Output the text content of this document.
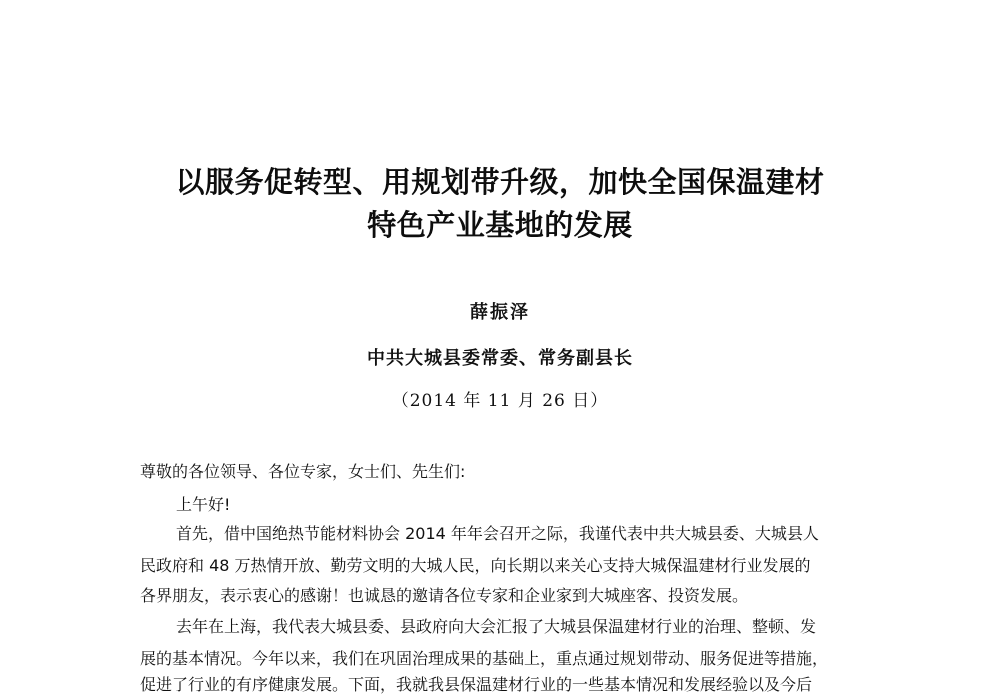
以服务促转型、用规划带升级，加快全国保温建材
特色产业基地的发展
薛振泽
中共大城县委常委、常务副县长
（2014 年 11 月 26 日）
尊敬的各位领导、各位专家，女士们、先生们:
上午好!
首先，借中国绝热节能材料协会 2014 年年会召开之际，我谨代表中共大城县委、大城县人
民政府和 48 万热情开放、勤劳文明的大城人民，向长期以来关心支持大城保温建材行业发展的
各界朋友，表示衷心的感谢！也诚恳的邀请各位专家和企业家到大城座客、投资发展。
去年在上海，我代表大城县委、县政府向大会汇报了大城县保温建材行业的治理、整顿、发
展的基本情况。今年以来，我们在巩固治理成果的基础上，重点通过规划带动、服务促进等措施，
促进了行业的有序健康发展。下面，我就我县保温建材行业的一些基本情况和发展经验以及今后
